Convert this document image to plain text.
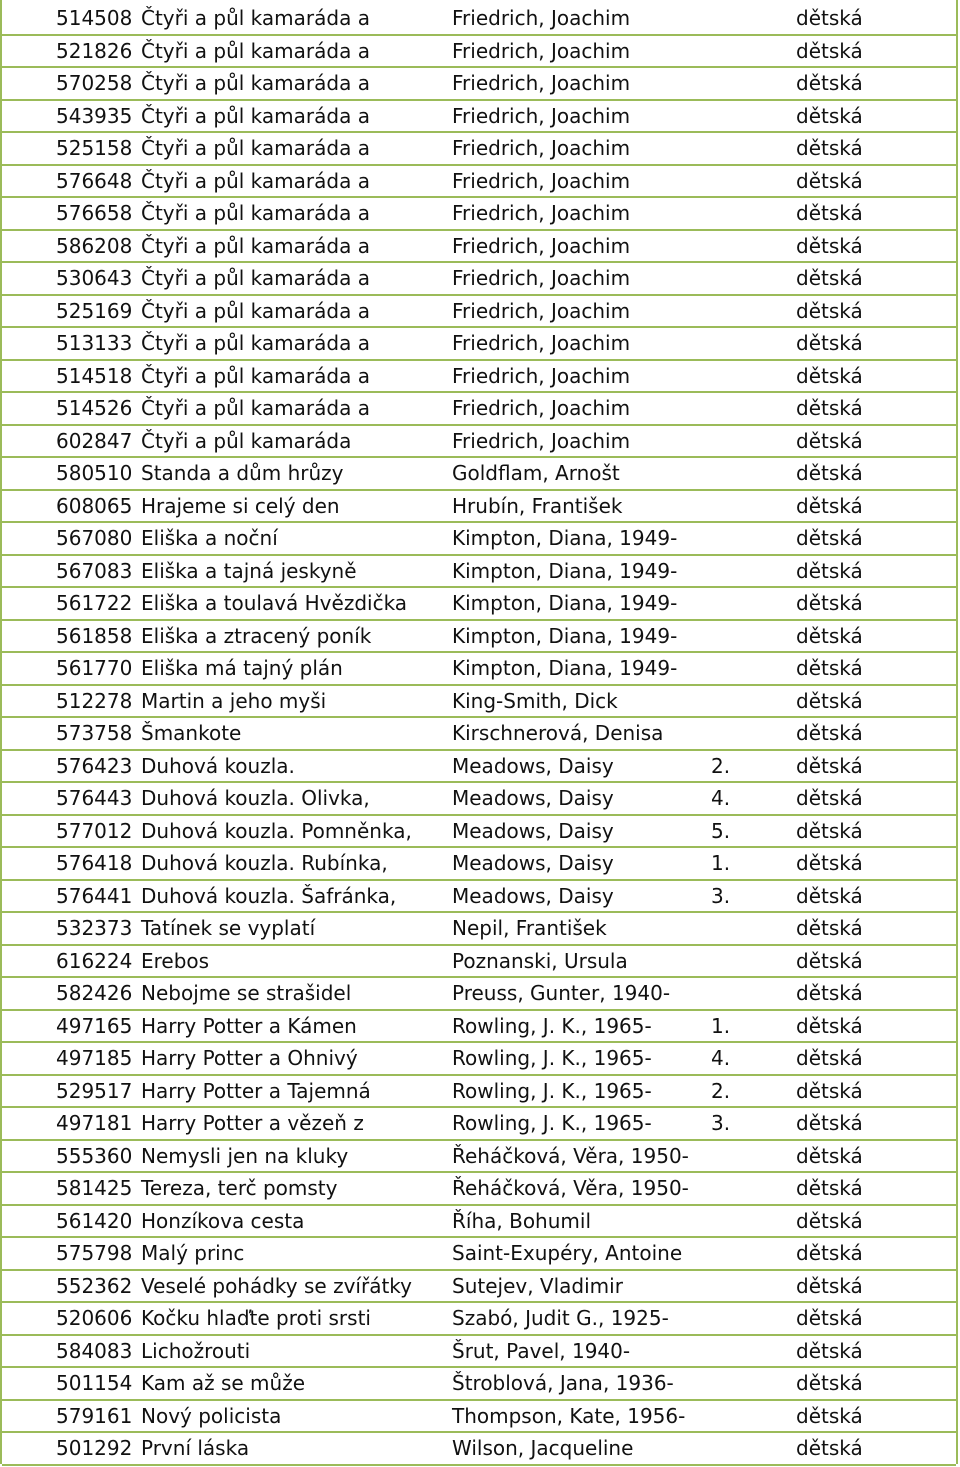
514508	Čtyři a půl kamaráda a	Friedrich, Joachim		dětská
521826	Čtyři a půl kamaráda a	Friedrich, Joachim		dětská
570258	Čtyři a půl kamaráda a	Friedrich, Joachim		dětská
543935	Čtyři a půl kamaráda a	Friedrich, Joachim		dětská
525158	Čtyři a půl kamaráda a	Friedrich, Joachim		dětská
576648	Čtyři a půl kamaráda a	Friedrich, Joachim		dětská
576658	Čtyři a půl kamaráda a	Friedrich, Joachim		dětská
586208	Čtyři a půl kamaráda a	Friedrich, Joachim		dětská
530643	Čtyři a půl kamaráda a	Friedrich, Joachim		dětská
525169	Čtyři a půl kamaráda a	Friedrich, Joachim		dětská
513133	Čtyři a půl kamaráda a	Friedrich, Joachim		dětská
514518	Čtyři a půl kamaráda a	Friedrich, Joachim		dětská
514526	Čtyři a půl kamaráda a	Friedrich, Joachim		dětská
602847	Čtyři a půl kamaráda	Friedrich, Joachim		dětská
580510	Standa a dům hrůzy	Goldflam, Arnošt		dětská
608065	Hrajeme si celý den	Hrubín, František		dětská
567080	Eliška a noční	Kimpton, Diana, 1949-		dětská
567083	Eliška a tajná jeskyně	Kimpton, Diana, 1949-		dětská
561722	Eliška a toulavá Hvězdička	Kimpton, Diana, 1949-		dětská
561858	Eliška a ztracený poník	Kimpton, Diana, 1949-		dětská
561770	Eliška má tajný plán	Kimpton, Diana, 1949-		dětská
512278	Martin a jeho myši	King-Smith, Dick		dětská
573758	Šmankote	Kirschnerová, Denisa		dětská
576423	Duhová kouzla.	Meadows, Daisy	2.	dětská
576443	Duhová kouzla. Olivka,	Meadows, Daisy	4.	dětská
577012	Duhová kouzla. Pomněnka,	Meadows, Daisy	5.	dětská
576418	Duhová kouzla. Rubínka,	Meadows, Daisy	1.	dětská
576441	Duhová kouzla. Šafránka,	Meadows, Daisy	3.	dětská
532373	Tatínek se vyplatí	Nepil, František		dětská
616224	Erebos	Poznanski, Ursula		dětská
582426	Nebojme se strašidel	Preuss, Gunter, 1940-		dětská
497165	Harry Potter a Kámen	Rowling, J. K., 1965-	1.	dětská
497185	Harry Potter a Ohnivý	Rowling, J. K., 1965-	4.	dětská
529517	Harry Potter a Tajemná	Rowling, J. K., 1965-	2.	dětská
497181	Harry Potter a vězeň z	Rowling, J. K., 1965-	3.	dětská
555360	Nemysli jen na kluky	Řeháčková, Věra, 1950-		dětská
581425	Tereza, terč pomsty	Řeháčková, Věra, 1950-		dětská
561420	Honzíkova cesta	Říha, Bohumil		dětská
575798	Malý princ	Saint-Exupéry, Antoine		dětská
552362	Veselé pohádky se zvířátky	Sutejev, Vladimir		dětská
520606	Kočku hlaďte proti srsti	Szabó, Judit G., 1925-		dětská
584083	Lichožrouti	Šrut, Pavel, 1940-		dětská
501154	Kam až se může	Štroblová, Jana, 1936-		dětská
579161	Nový policista	Thompson, Kate, 1956-		dětská
501292	První láska	Wilson, Jacqueline		dětská
